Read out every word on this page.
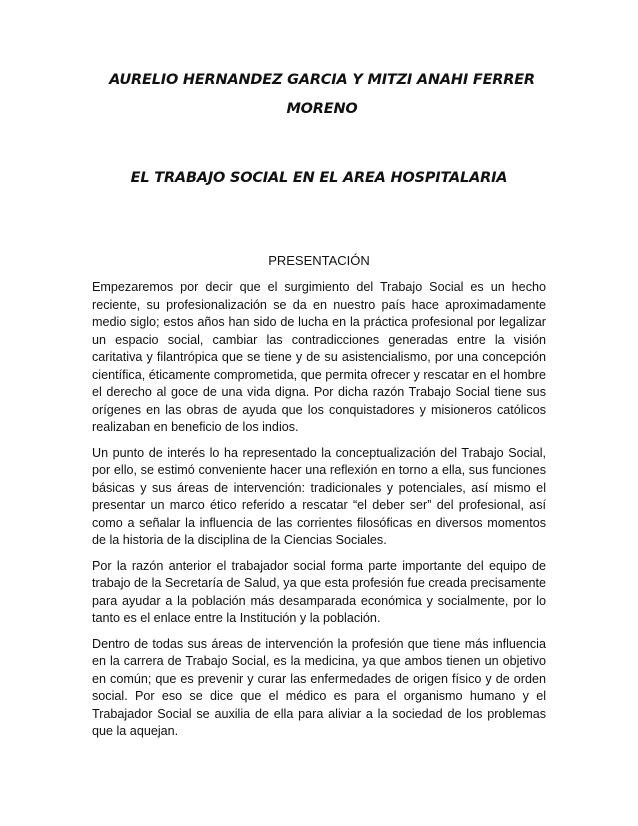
AURELIO HERNANDEZ GARCIA Y MITZI ANAHI FERRER MORENO
EL TRABAJO SOCIAL EN EL AREA HOSPITALARIA
PRESENTACIÓN

Empezaremos por decir que el surgimiento del Trabajo Social es un hecho reciente, su profesionalización se da en nuestro país hace aproximadamente medio siglo; estos años han sido de lucha en la práctica profesional por legalizar un espacio social, cambiar las contradicciones generadas entre la visión caritativa y filantrópica que se tiene y de su asistencialismo, por una concepción científica, éticamente comprometida, que permita ofrecer y rescatar en el hombre el derecho al goce de una vida digna. Por dicha razón Trabajo Social tiene sus orígenes en las obras de ayuda que los conquistadores y misioneros católicos realizaban en beneficio de los indios.

Un punto de interés lo ha representado la conceptualización del Trabajo Social, por ello, se estimó conveniente hacer una reflexión en torno a ella, sus funciones básicas y sus áreas de intervención: tradicionales y potenciales, así mismo el presentar un marco ético referido a rescatar “el deber ser” del profesional, así como a señalar la influencia de las corrientes filosóficas en diversos momentos de la historia de la disciplina de la Ciencias Sociales.

Por la razón anterior el trabajador social forma parte importante del equipo de trabajo de la Secretaría de Salud, ya que esta profesión fue creada precisamente para ayudar a la población más desamparada económica y socialmente, por lo tanto es el enlace entre la Institución y la población.

Dentro de todas sus áreas de intervención la profesión que tiene más influencia en la carrera de Trabajo Social, es la medicina, ya que ambos tienen un objetivo en común; que es prevenir y curar las enfermedades de origen físico y de orden social. Por eso se dice que el médico es para el organismo humano y el Trabajador Social se auxilia de ella para aliviar a la sociedad de los problemas que la aquejan.
